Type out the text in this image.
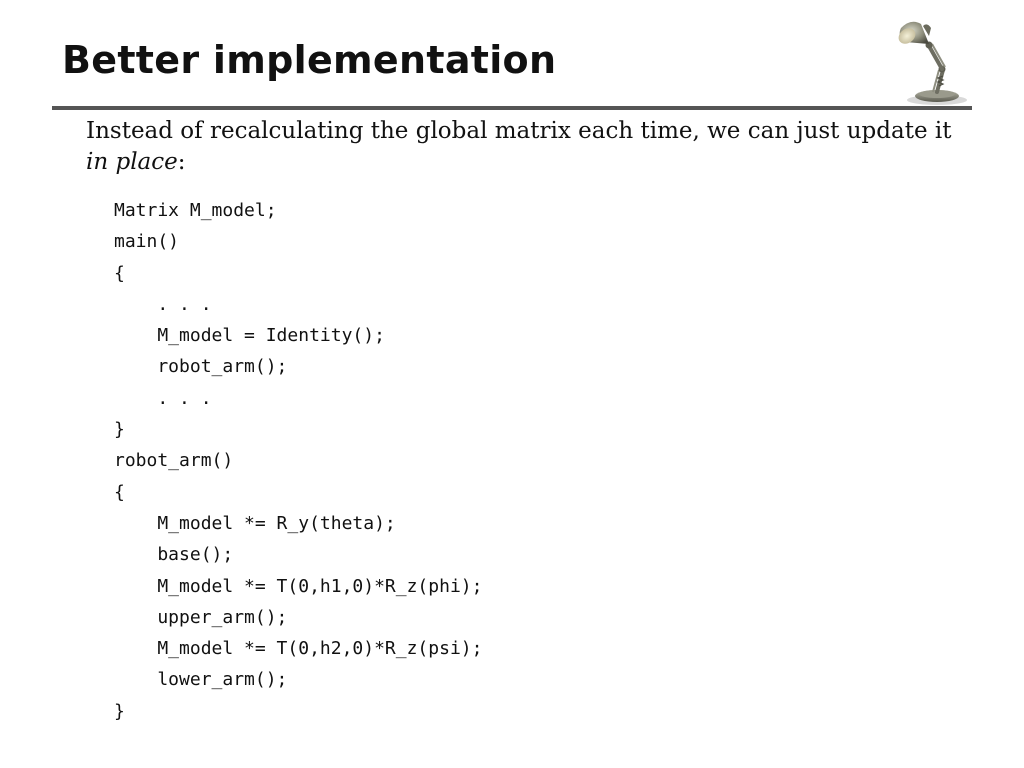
Better implementation

Instead of recalculating the global matrix each time, we can just update it in place:

Matrix M_model;
main()
{
. . .
M_model = Identity();
robot_arm();
. . .
}
robot_arm()
{
M_model *= R_y(theta);
base();
M_model *= T(0,h1,0)*R_z(phi);
upper_arm();
M_model *= T(0,h2,0)*R_z(psi);
lower_arm();
}
